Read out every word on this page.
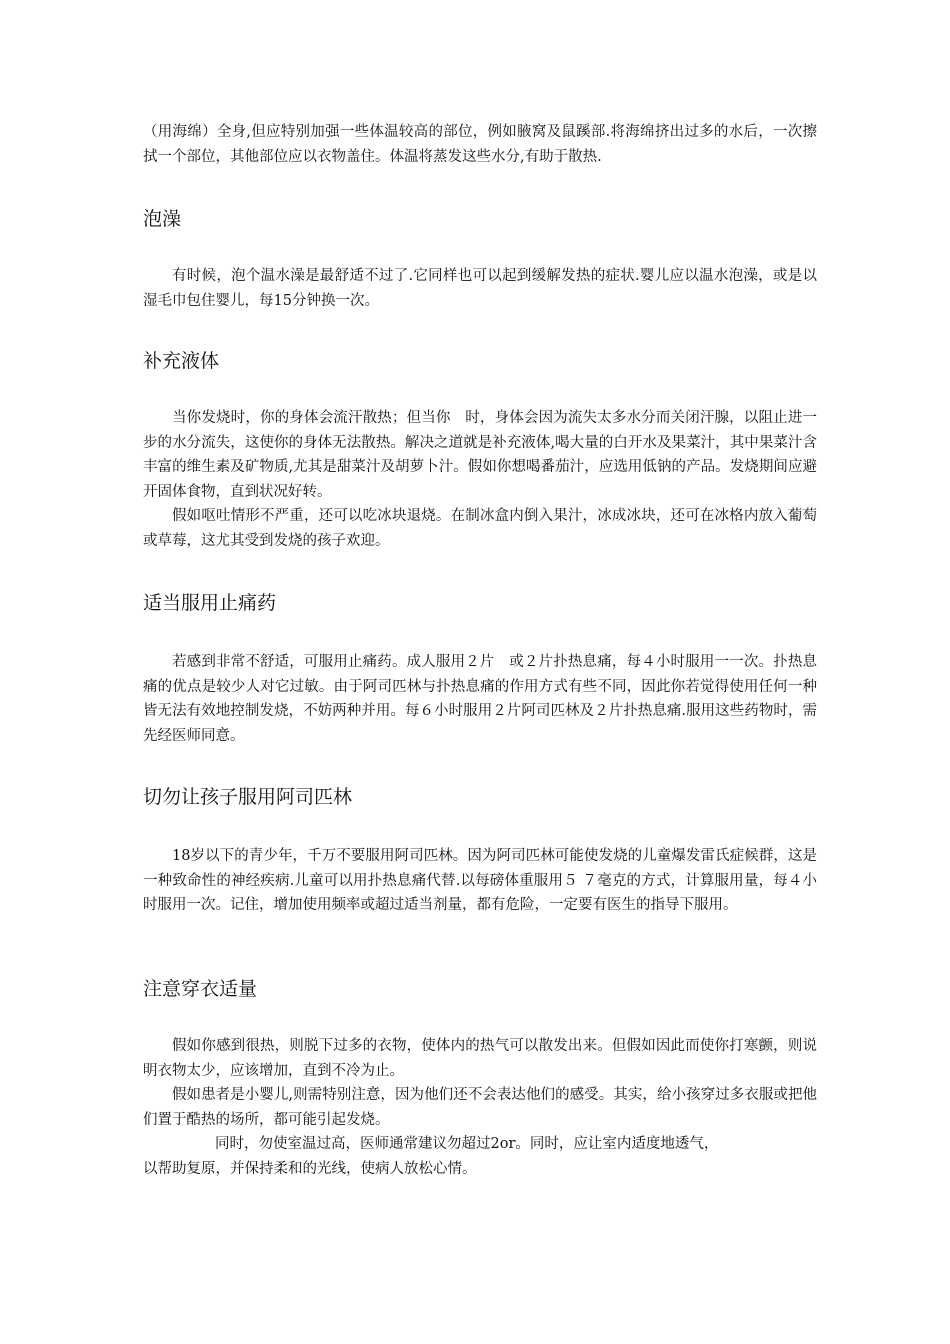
（用海绵）全身,但应特别加强一些体温较高的部位，例如腋窝及鼠蹊部.将海绵挤出过多的水后，一次擦拭一个部位，其他部位应以衣物盖住。体温将蒸发这些水分,有助于散热.

泡澡

有时候，泡个温水澡是最舒适不过了.它同样也可以起到缓解发热的症状.婴儿应以温水泡澡，或是以湿毛巾包住婴儿，每15分钟换一次。

补充液体

当你发烧时，你的身体会流汗散热；但当你　时，身体会因为流失太多水分而关闭汗腺，以阻止进一步的水分流失，这使你的身体无法散热。解决之道就是补充液体,喝大量的白开水及果菜汁，其中果菜汁含丰富的维生素及矿物质,尤其是甜菜汁及胡萝卜汁。假如你想喝番茄汁，应选用低钠的产品。发烧期间应避开固体食物，直到状况好转。

假如呕吐情形不严重，还可以吃冰块退烧。在制冰盒内倒入果汁，冰成冰块，还可在冰格内放入葡萄或草莓，这尤其受到发烧的孩子欢迎。

适当服用止痛药

若感到非常不舒适，可服用止痛药。成人服用２片　或２片扑热息痛，每４小时服用一一次。扑热息痛的优点是较少人对它过敏。由于阿司匹林与扑热息痛的作用方式有些不同，因此你若觉得使用任何一种皆无法有效地控制发烧，不妨两种并用。每６小时服用２片阿司匹林及２片扑热息痛.服用这些药物时，需先经医师同意。

切勿让孩子服用阿司匹林

18岁以下的青少年，千万不要服用阿司匹林。因为阿司匹林可能使发烧的儿童爆发雷氏症候群，这是一种致命性的神经疾病.儿童可以用扑热息痛代替.以每磅体重服用５ ７毫克的方式，计算服用量，每４小时服用一次。记住，增加使用频率或超过适当剂量，都有危险，一定要有医生的指导下服用。

注意穿衣适量

假如你感到很热，则脱下过多的衣物，使体内的热气可以散发出来。但假如因此而使你打寒颤，则说明衣物太少，应该增加，直到不冷为止。

假如患者是小婴儿,则需特别注意，因为他们还不会表达他们的感受。其实，给小孩穿过多衣服或把他们置于酷热的场所，都可能引起发烧。

同时，勿使室温过高，医师通常建议勿超过2or。同时，应让室内适度地透气，

以帮助复原，并保持柔和的光线，使病人放松心情。
